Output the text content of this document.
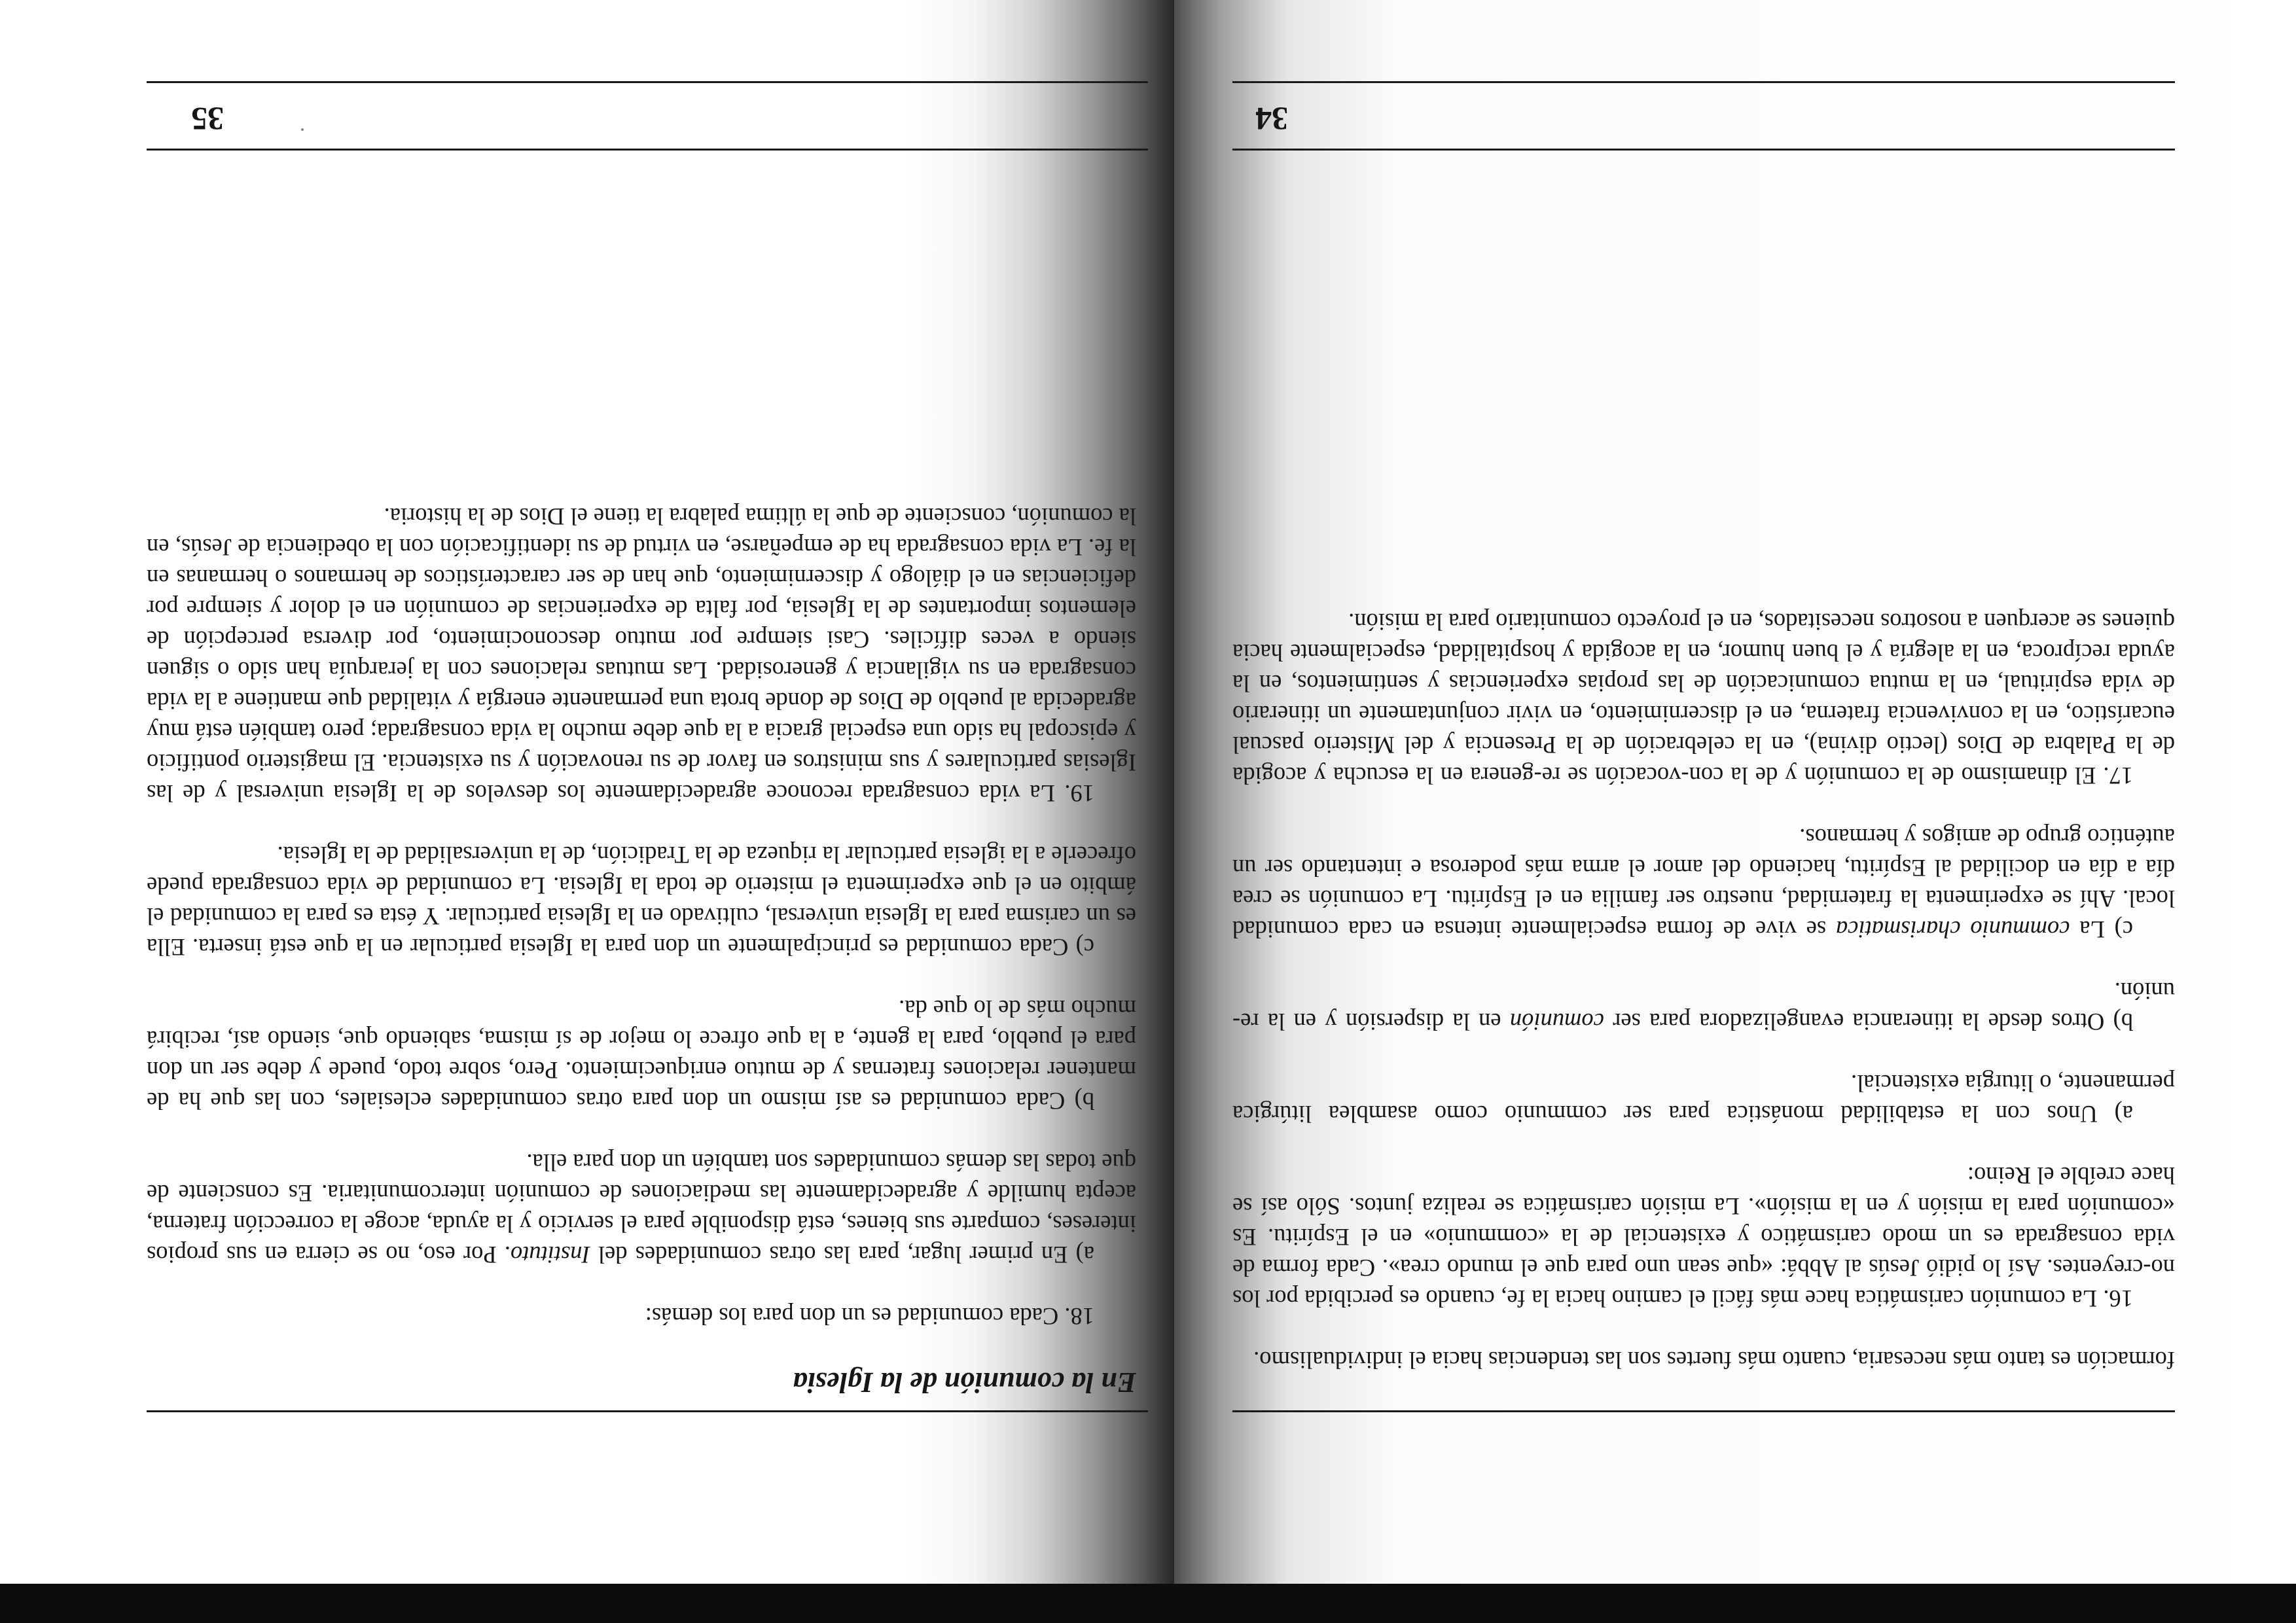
formación es tanto más necesaria, cuanto más fuertes son las tendencias hacia el individualismo.

16. La comunión carismática hace más fácil el camino hacia la fe, cuando es percibida por los no-creyentes. Así lo pidió Jesús al Abbá: «que sean uno para que el mundo crea». Cada forma de vida consagrada es un modo carismático y existencial de la «communio» en el Espíritu. Es «comunión para la misión y en la misión». La misión carismática se realiza juntos. Sólo así se hace creíble el Reino:

a) Unos con la estabilidad monástica para ser communio como asamblea litúrgica permanente, o liturgia existencial.

b) Otros desde la itinerancia evangelizadora para ser comunión en la dispersión y en la re-unión.

c) La communio charismatica se vive de forma especialmente intensa en cada comunidad local. Ahí se experimenta la fraternidad, nuestro ser familia en el Espíritu. La comunión se crea día a día en docilidad al Espíritu, haciendo del amor el arma más poderosa e intentando ser un auténtico grupo de amigos y hermanos.

17. El dinamismo de la comunión y de la con-vocación se re-genera en la escucha y acogida de la Palabra de Dios (lectio divina), en la celebración de la Presencia y del Misterio pascual eucarístico, en la convivencia fraterna, en el discernimiento, en vivir conjuntamente un itinerario de vida espiritual, en la mutua comunicación de las propias experiencias y sentimientos, en la ayuda recíproca, en la alegría y el buen humor, en la acogida y hospitalidad, especialmente hacia quienes se acerquen a nosotros necesitados, en el proyecto comunitario para la misión.

34
En la comunión de la Iglesia

18. Cada comunidad es un don para los demás:

a) En primer lugar, para las otras comunidades del Instituto. Por eso, no se cierra en sus propios intereses, comparte sus bienes, está disponible para el servicio y la ayuda, acoge la corrección fraterna, acepta humilde y agradecidamente las mediaciones de comunión intercomunitaria. Es consciente de que todas las demás comunidades son también un don para ella.

b) Cada comunidad es así mismo un don para otras comunidades eclesiales, con las que ha de mantener relaciones fraternas y de mutuo enriquecimiento. Pero, sobre todo, puede y debe ser un don para el pueblo, para la gente, a la que ofrece lo mejor de sí misma, sabiendo que, siendo así, recibirá mucho más de lo que da.

c) Cada comunidad es principalmente un don para la Iglesia particular en la que está inserta. Ella es un carisma para la Iglesia universal, cultivado en la Iglesia particular. Y ésta es para la comunidad el ámbito en el que experimenta el misterio de toda la Iglesia. La comunidad de vida consagrada puede ofrecerle a la iglesia particular la riqueza de la Tradición, de la universalidad de la Iglesia.

19. La vida consagrada reconoce agradecidamente los desvelos de la Iglesia universal y de las Iglesias particulares y sus ministros en favor de su renovación y su existencia. El magisterio pontificio y episcopal ha sido una especial gracia a la que debe mucho la vida consagrada; pero también está muy agradecida al pueblo de Dios de donde brota una permanente energía y vitalidad que mantiene a la vida consagrada en su vigilancia y generosidad. Las mutuas relaciones con la jerarquía han sido o siguen siendo a veces difíciles. Casi siempre por mutuo desconocimiento, por diversa percepción de elementos importantes de la Iglesia, por falta de experiencias de comunión en el dolor y siempre por deficiencias en el diálogo y discernimiento, que han de ser característicos de hermanos o hermanas en la fe. La vida consagrada ha de empeñarse, en virtud de su identificación con la obediencia de Jesús, en la comunión, consciente de que la última palabra la tiene el Dios de la historia.

35
